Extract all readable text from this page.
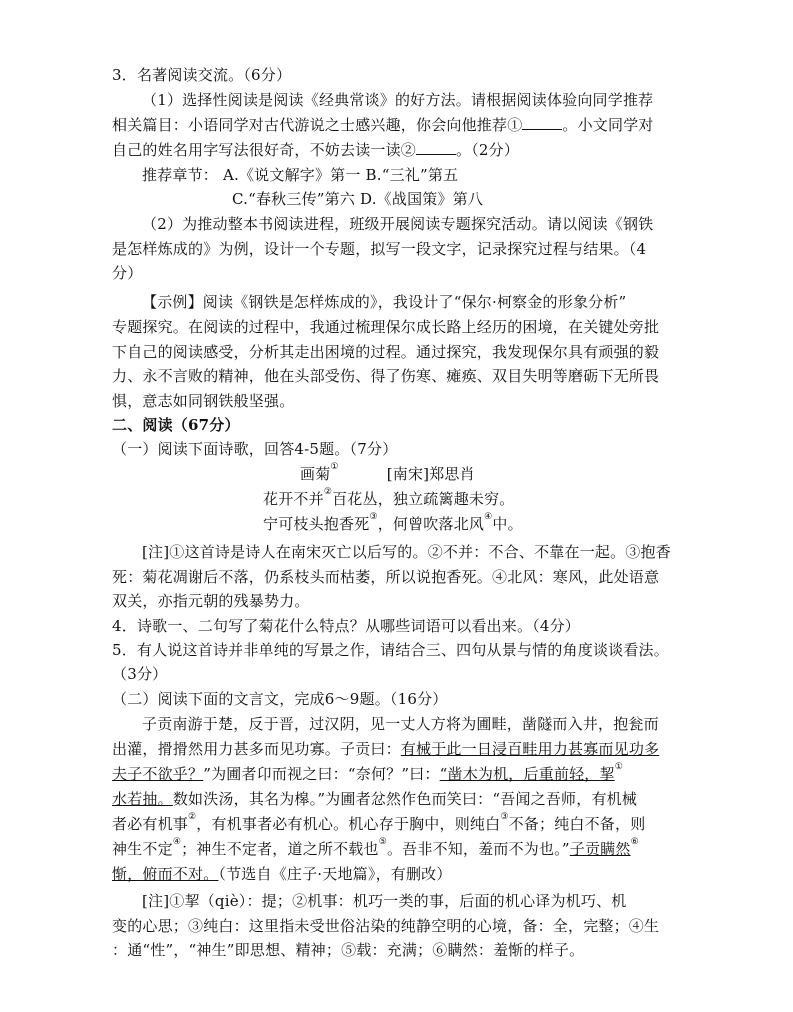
3．名著阅读交流。（6分）
（1）选择性阅读是阅读《经典常谈》的好方法。请根据阅读体验向同学推荐
相关篇目：小语同学对古代游说之士感兴趣，你会向他推荐①	。小文同学对
自己的姓名用字写法很好奇，不妨去读一读②	。（2分）
推荐章节： A.《说文解字》第一 B.“三礼”第五
C.“春秋三传”第六 D.《战国策》第八
（2）为推动整本书阅读进程，班级开展阅读专题探究活动。请以阅读《钢铁
是怎样炼成的》为例，设计一个专题，拟写一段文字，记录探究过程与结果。（4
分）
【示例】阅读《钢铁是怎样炼成的》，我设计了“保尔·柯察金的形象分析”
专题探究。在阅读的过程中，我通过梳理保尔成长路上经历的困境，在关键处旁批
下自己的阅读感受，分析其走出困境的过程。通过探究，我发现保尔具有顽强的毅
力、永不言败的精神，他在头部受伤、得了伤寒、瘫痪、双目失明等磨砺下无所畏
惧，意志如同钢铁般坚强。
二、阅读（67分）
（一）阅读下面诗歌，回答4-5题。（7分）
画菊①	[南宋]郑思肖
花开不并②百花丛，独立疏篱趣未穷。
宁可枝头抱香死③，何曾吹落北风④中。
[注]①这首诗是诗人在南宋灭亡以后写的。②不并：不合、不靠在一起。③抱香
死：菊花凋谢后不落，仍系枝头而枯萎，所以说抱香死。④北风：寒风，此处语意
双关，亦指元朝的残暴势力。
4．诗歌一、二句写了菊花什么特点？从哪些词语可以看出来。（4分）
5．有人说这首诗并非单纯的写景之作，请结合三、四句从景与情的角度谈谈看法。
（3分）
（二）阅读下面的文言文，完成6～9题。（16分）
子贡南游于楚，反于晋，过汉阴，见一丈人方将为圃畦，凿隧而入井，抱瓮而
出灌，搰搰然用力甚多而见功寡。子贡曰：有械于此一日浸百畦用力甚寡而见功多
夫子不欲乎？”为圃者卬而视之曰：“奈何？”曰：“凿木为机，后重前轻，挈①
水若抽。数如泆汤，其名为槔。”为圃者忿然作色而笑曰：“吾闻之吾师，有机械
者必有机事②，有机事者必有机心。机心存于胸中，则纯白③不备；纯白不备，则
神生不定④；神生不定者，道之所不载也⑤。吾非不知，羞而不为也。”子贡瞒然⑥
惭，俯而不对。（节选自《庄子·天地篇》，有删改）
[注]①挈（qiè）：提；②机事：机巧一类的事，后面的机心译为机巧、机
变的心思；③纯白：这里指未受世俗沾染的纯静空明的心境，备：全，完整；④生
：通“性”，“神生”即思想、精神；⑤载：充满；⑥瞒然：羞惭的样子。
